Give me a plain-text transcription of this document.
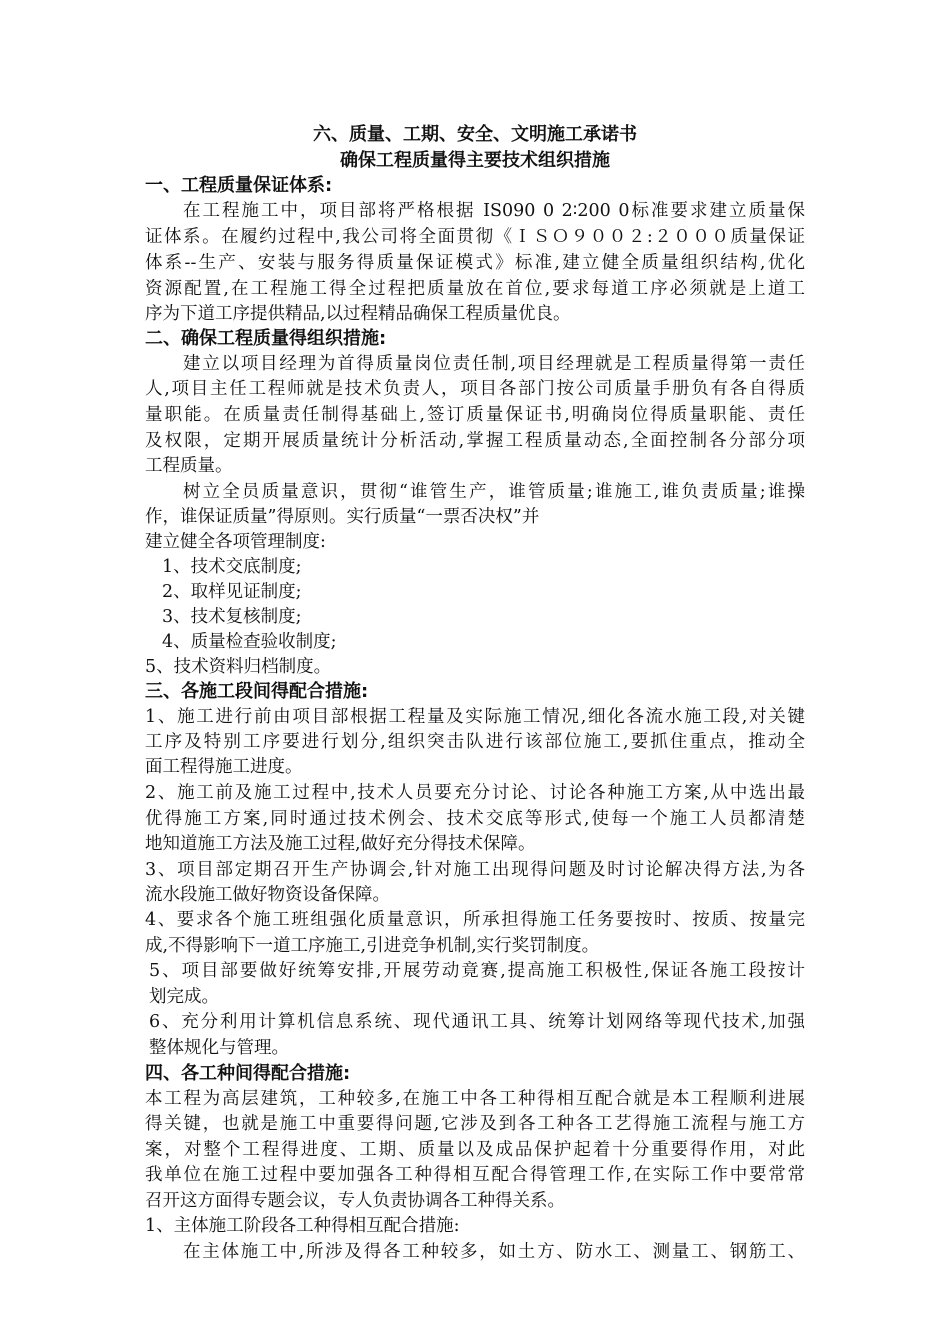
六、质量、工期、安全、文明施工承诺书
确保工程质量得主要技术组织措施
一、工程质量保证体系:
在工程施工中，项目部将严格根据 IS090 0 2∶200 0标准要求建立质量保
证体系。在履约过程中,我公司将全面贯彻《ＩＳＯ９００２:２０００质量保证
体系--生产、安装与服务得质量保证模式》标准,建立健全质量组织结构,优化
资源配置,在工程施工得全过程把质量放在首位,要求每道工序必须就是上道工
序为下道工序提供精品,以过程精品确保工程质量优良。
二、确保工程质量得组织措施:
建立以项目经理为首得质量岗位责任制,项目经理就是工程质量得第一责任
人,项目主任工程师就是技术负责人，项目各部门按公司质量手册负有各自得质
量职能。在质量责任制得基础上,签订质量保证书,明确岗位得质量职能、责任
及权限，定期开展质量统计分析活动,掌握工程质量动态,全面控制各分部分项
工程质量。
树立全员质量意识，贯彻“谁管生产，谁管质量;谁施工,谁负责质量;谁操
作，谁保证质量”得原则。实行质量“一票否决权”并
建立健全各项管理制度:
1、技术交底制度;
2、取样见证制度;
3、技术复核制度;
4、质量检查验收制度;
5、技术资料归档制度。
三、各施工段间得配合措施:
1、施工进行前由项目部根据工程量及实际施工情况,细化各流水施工段,对关键
工序及特别工序要进行划分,组织突击队进行该部位施工,要抓住重点，推动全
面工程得施工进度。
2、施工前及施工过程中,技术人员要充分讨论、讨论各种施工方案,从中选出最
优得施工方案,同时通过技术例会、技术交底等形式,使每一个施工人员都清楚
地知道施工方法及施工过程,做好充分得技术保障。
3、项目部定期召开生产协调会,针对施工出现得问题及时讨论解决得方法,为各
流水段施工做好物资设备保障。
4、要求各个施工班组强化质量意识，所承担得施工任务要按时、按质、按量完
成,不得影响下一道工序施工,引进竞争机制,实行奖罚制度。
5、项目部要做好统筹安排,开展劳动竟赛,提高施工积极性,保证各施工段按计
划完成。
6、充分利用计算机信息系统、现代通讯工具、统筹计划网络等现代技术,加强
整体规化与管理。
四、各工种间得配合措施:
本工程为高层建筑，工种较多,在施工中各工种得相互配合就是本工程顺利进展
得关键，也就是施工中重要得问题,它涉及到各工种各工艺得施工流程与施工方
案，对整个工程得进度、工期、质量以及成品保护起着十分重要得作用，对此
我单位在施工过程中要加强各工种得相互配合得管理工作,在实际工作中要常常
召开这方面得专题会议，专人负责协调各工种得关系。
1、主体施工阶段各工种得相互配合措施:
在主体施工中,所涉及得各工种较多，如土方、防水工、测量工、钢筋工、
